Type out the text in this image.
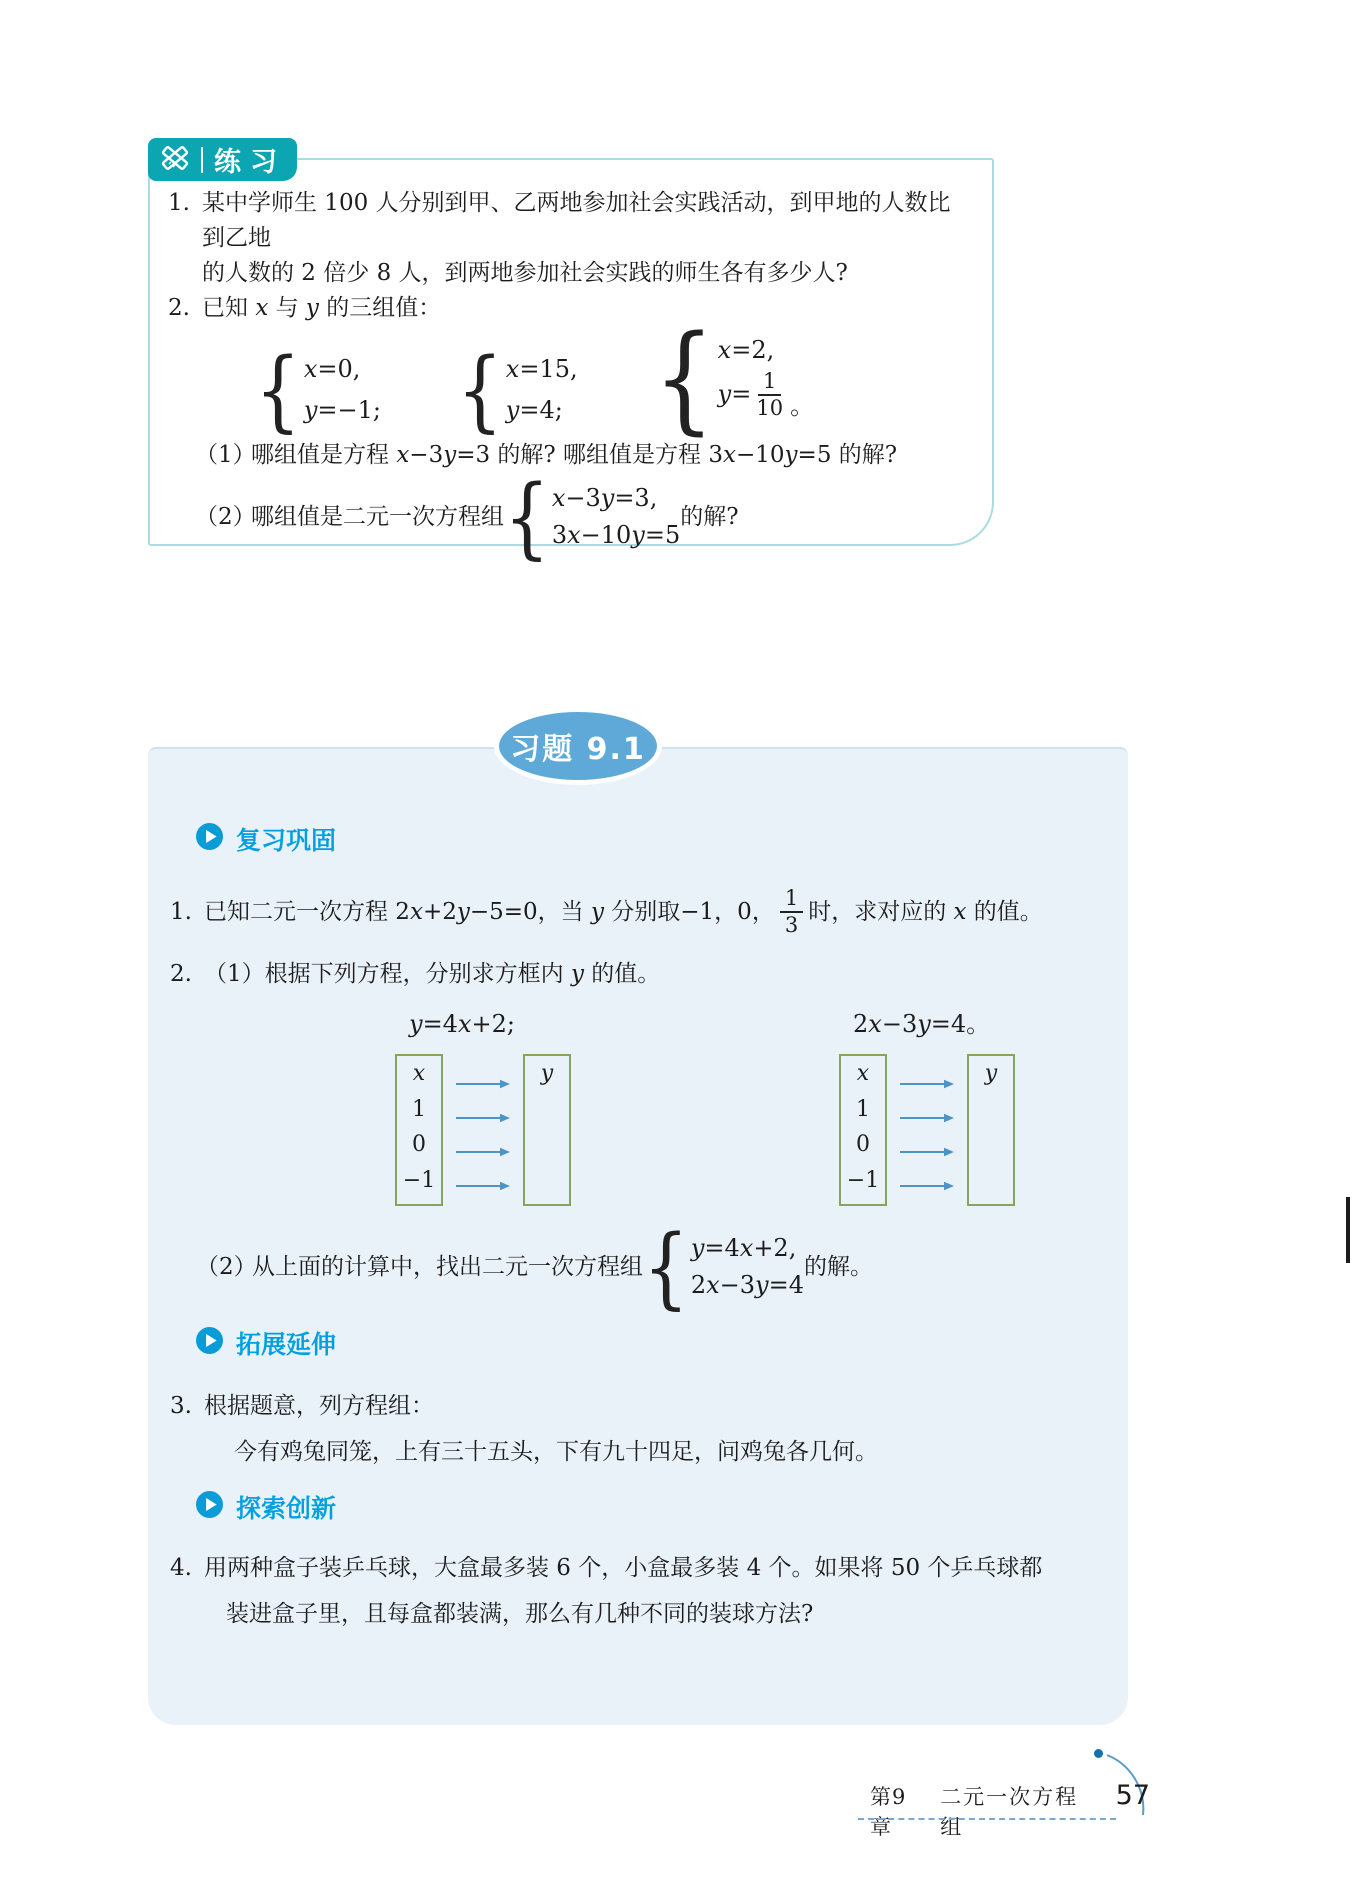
练习
1. 某中学师生 100 人分别到甲、乙两地参加社会实践活动，到甲地的人数比到乙地
的人数的 2 倍少 8 人，到两地参加社会实践的师生各有多少人?
2. 已知 x 与 y 的三组值：
{ x=0,
y=−1; { x=15,
y=4; { x=2,
$y= \frac{1}{10}$ 。
（1）
哪组值是方程 x−3y=3 的解? 哪组值是方程 3x−10y=5 的解?
（2）
哪组值是二元一次方程组 { x−3y=3,
3x−10y=5
的解?
习题 9.1
复习巩固
1. 已知二元一次方程 2x+2y−5=0，当 y 分别取−1，0， $\frac{1}{3}$ 时，求对应的 x 的值。
2. （1）根据下列方程，分别求方框内 y 的值。
y=4x+2;
x
1
0
−1
y
2x−3y=4。
x
1
0
−1
y
（2）
从上面的计算中，找出二元一次方程组 { y=4x+2,
2x−3y=4
的解。
拓展延伸
3. 根据题意，列方程组：
今有鸡兔同笼，上有三十五头，下有九十四足，问鸡兔各几何。
探索创新
4. 用两种盒子装乒乓球，大盒最多装 6 个，小盒最多装 4 个。如果将 50 个乒乓球都
装进盒子里，且每盒都装满，那么有几种不同的装球方法?
第9章
二元一次方程组
57
